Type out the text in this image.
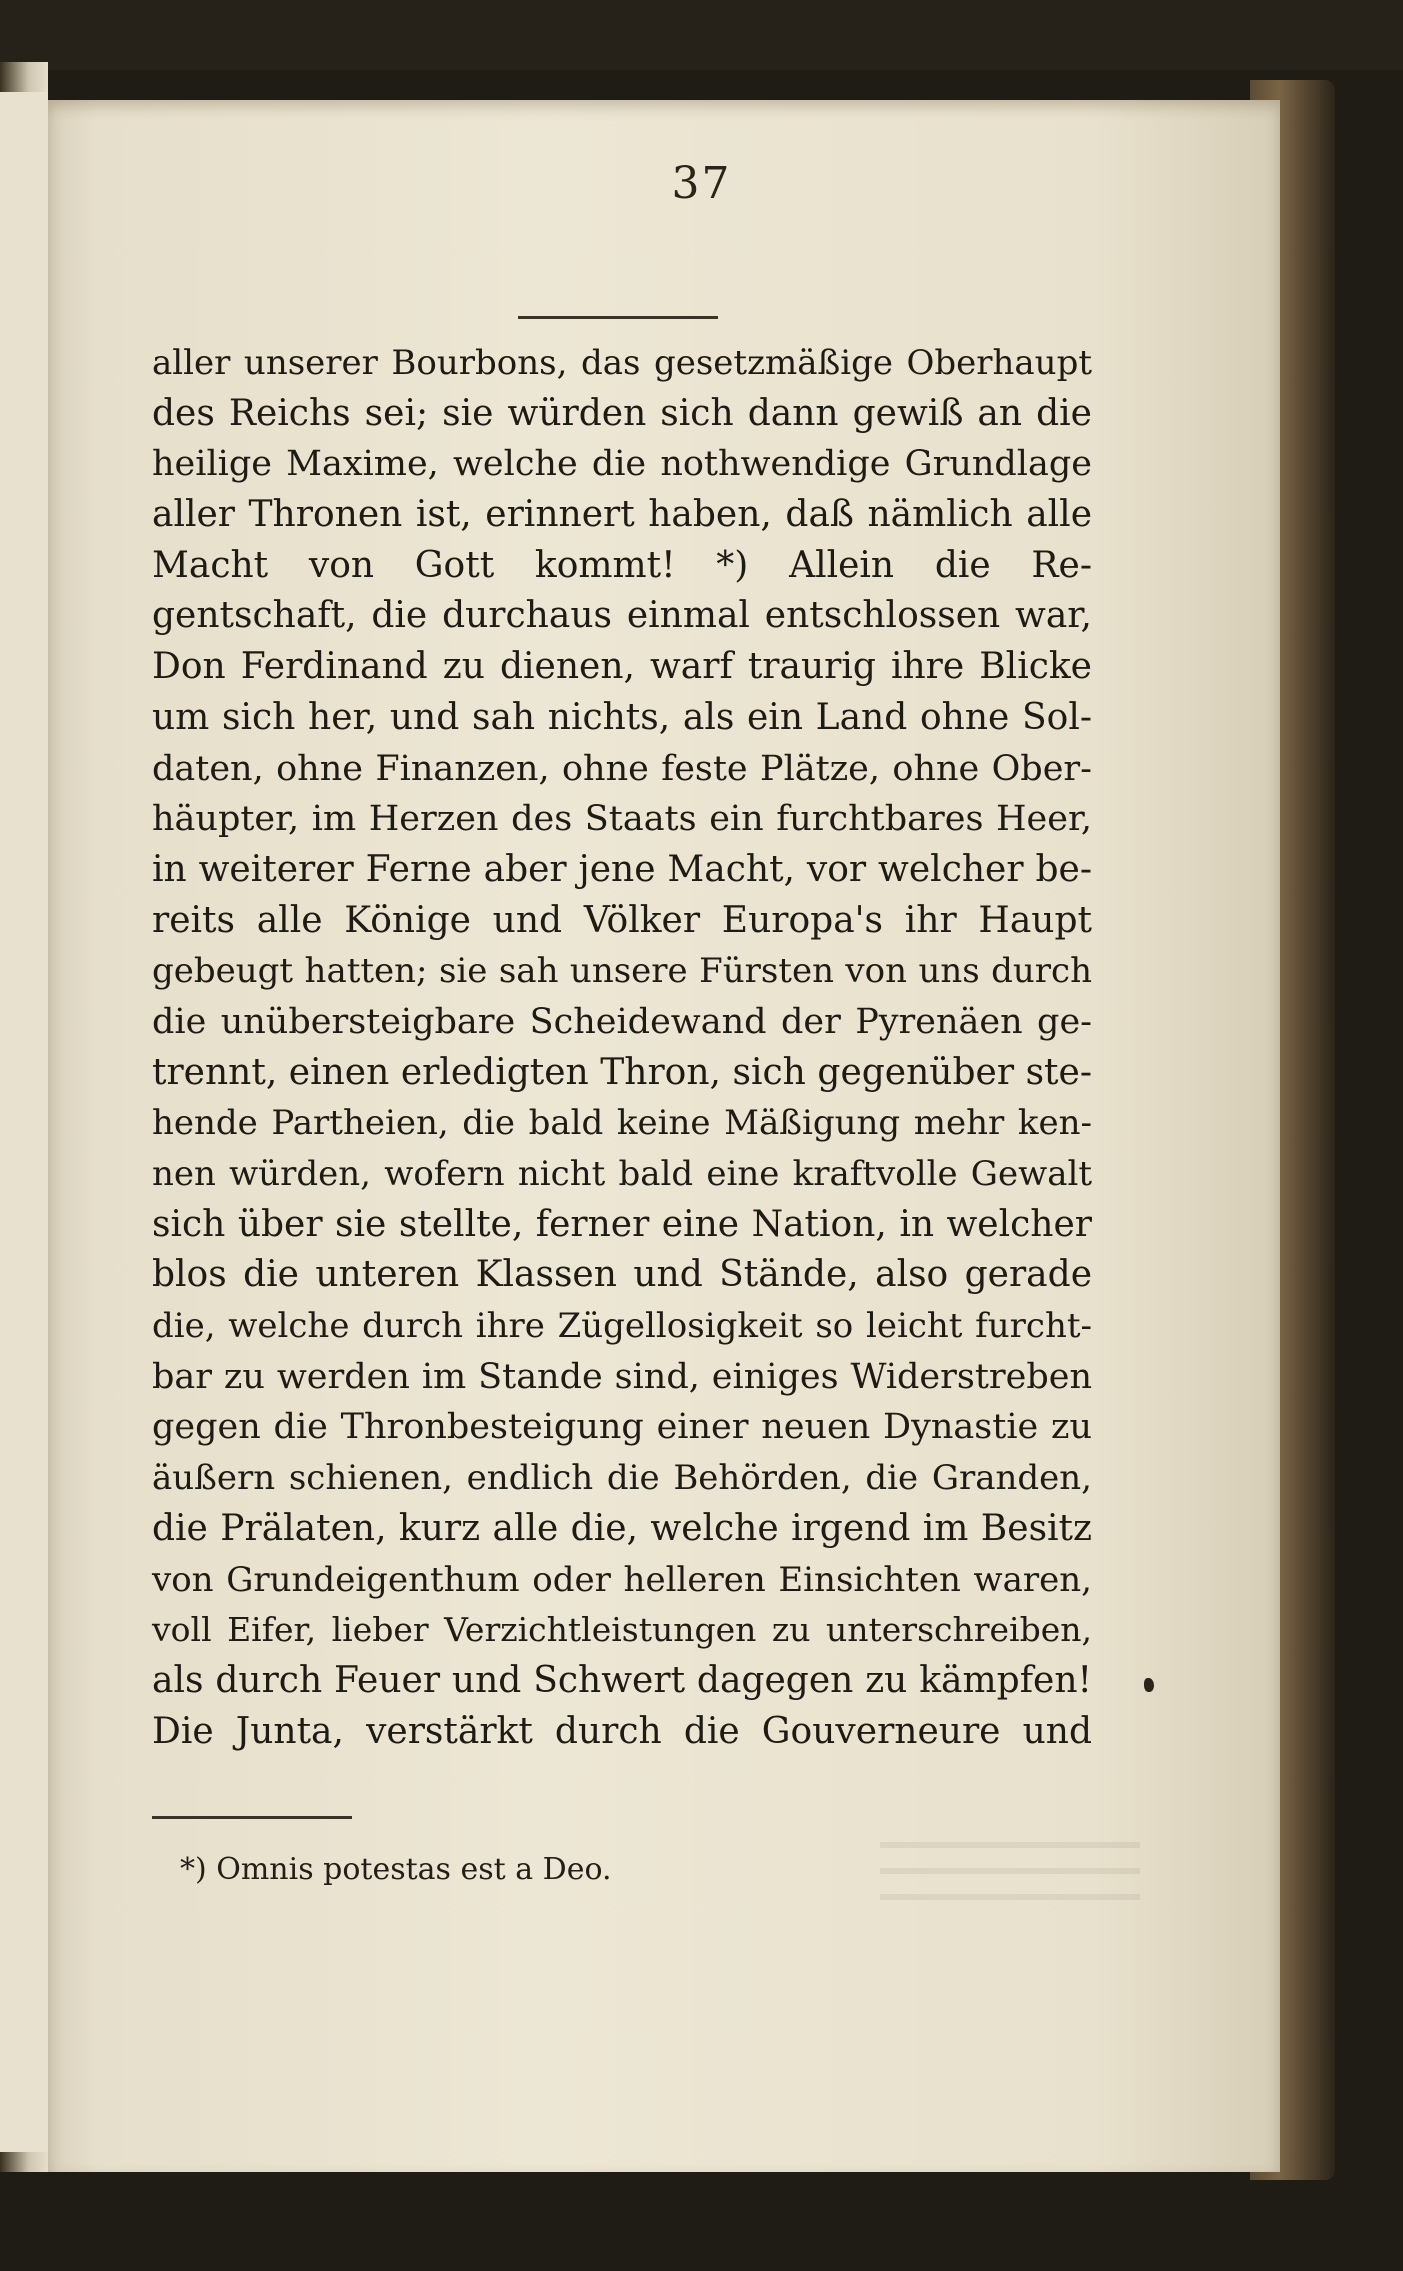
37
aller unserer Bourbons, das gesetzmäßige Oberhaupt
des Reichs sei; sie würden sich dann gewiß an die
heilige Maxime, welche die nothwendige Grundlage
aller Thronen ist, erinnert haben, daß nämlich alle
Macht von Gott kommt! *) Allein die Re-
gentschaft, die durchaus einmal entschlossen war,
Don Ferdinand zu dienen, warf traurig ihre Blicke
um sich her, und sah nichts, als ein Land ohne Sol-
daten, ohne Finanzen, ohne feste Plätze, ohne Ober-
häupter, im Herzen des Staats ein furchtbares Heer,
in weiterer Ferne aber jene Macht, vor welcher be-
reits alle Könige und Völker Europa's ihr Haupt
gebeugt hatten; sie sah unsere Fürsten von uns durch
die unübersteigbare Scheidewand der Pyrenäen ge-
trennt, einen erledigten Thron, sich gegenüber ste-
hende Partheien, die bald keine Mäßigung mehr ken-
nen würden, wofern nicht bald eine kraftvolle Gewalt
sich über sie stellte, ferner eine Nation, in welcher
blos die unteren Klassen und Stände, also gerade
die, welche durch ihre Zügellosigkeit so leicht furcht-
bar zu werden im Stande sind, einiges Widerstreben
gegen die Thronbesteigung einer neuen Dynastie zu
äußern schienen, endlich die Behörden, die Granden,
die Prälaten, kurz alle die, welche irgend im Besitz
von Grundeigenthum oder helleren Einsichten waren,
voll Eifer, lieber Verzichtleistungen zu unterschreiben,
als durch Feuer und Schwert dagegen zu kämpfen!
Die Junta, verstärkt durch die Gouverneure und
*) Omnis potestas est a Deo.
